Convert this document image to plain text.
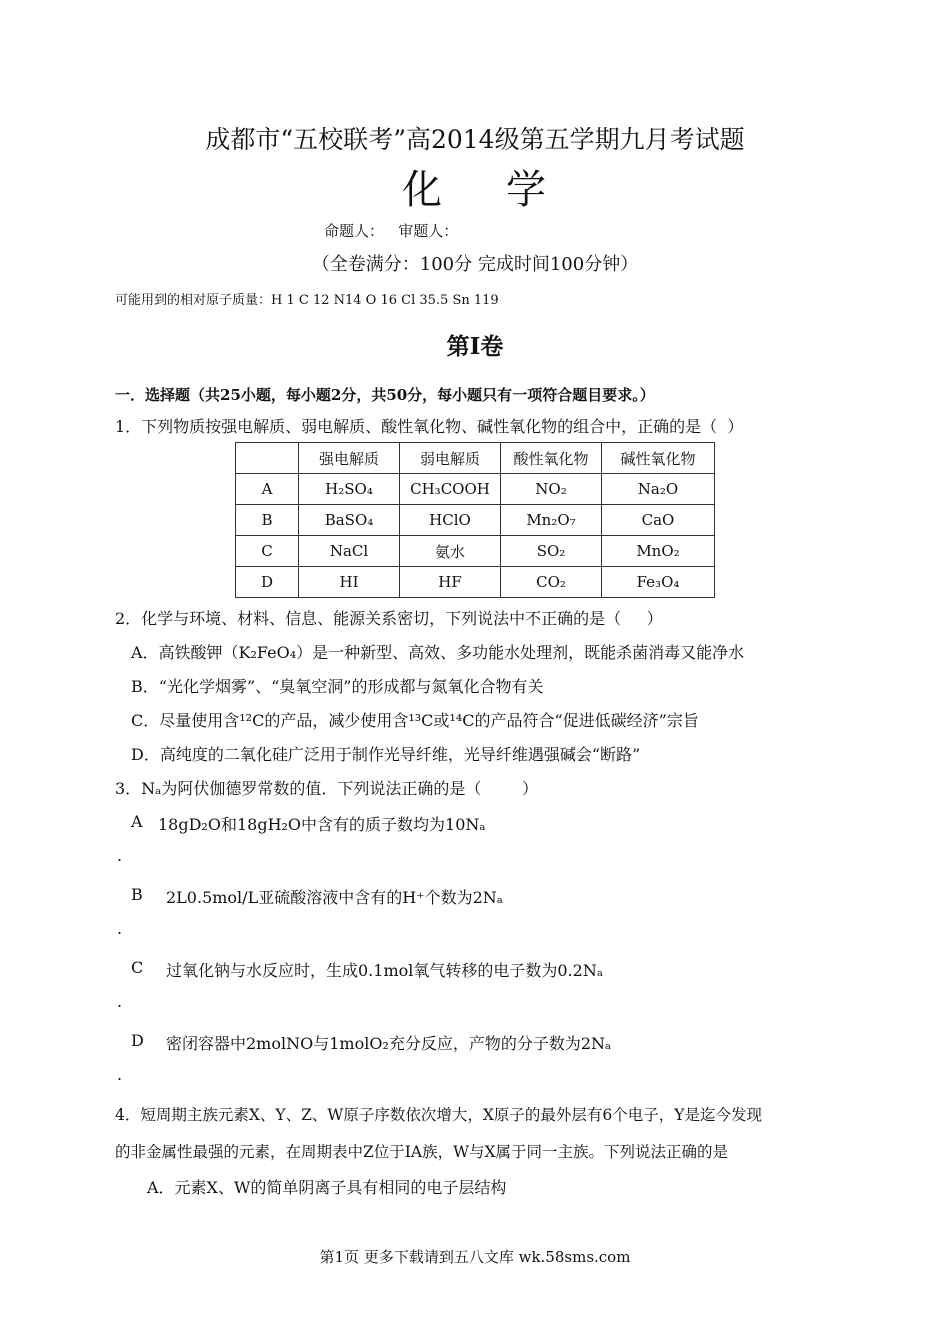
成都市“五校联考”高2014级第五学期九月考试题
化 学
命题人：   审题人：
（全卷满分：100分 完成时间100分钟）
可能用到的相对原子质量：H 1 C 12 N14 O 16 Cl 35.5 Sn 119
第I卷
一．选择题（共25小题，每小题2分，共50分，每小题只有一项符合题目要求。）
1．下列物质按强电解质、弱电解质、酸性氧化物、碱性氧化物的组合中，正确的是（  ）
	强电解质	弱电解质	酸性氧化物	碱性氧化物
A	H₂SO₄	CH₃COOH	NO₂	Na₂O
B	BaSO₄	HClO	Mn₂O₇	CaO
C	NaCl	氨水	SO₂	MnO₂
D	HI	HF	CO₂	Fe₃O₄
2．化学与环境、材料、信息、能源关系密切，下列说法中不正确的是（     ）
A．高铁酸钾（K₂FeO₄）是一种新型、高效、多功能水处理剂，既能杀菌消毒又能净水
B．“光化学烟雾”、“臭氧空洞”的形成都与氮氧化合物有关
C．尽量使用含¹²C的产品，减少使用含¹³C或¹⁴C的产品符合“促进低碳经济”宗旨
D．高纯度的二氧化硅广泛用于制作光导纤维，光导纤维遇强碱会“断路”
3．Nₐ为阿伏伽德罗常数的值．下列说法正确的是（        ）
A 18gD₂O和18gH₂O中含有的质子数均为10Nₐ
.
B 2L0.5mol/L亚硫酸溶液中含有的H⁺个数为2Nₐ
.
C 过氧化钠与水反应时，生成0.1mol氧气转移的电子数为0.2Nₐ
.
D 密闭容器中2molNO与1molO₂充分反应，产物的分子数为2Nₐ
.
4．短周期主族元素X、Y、Z、W原子序数依次增大，X原子的最外层有6个电子，Y是迄今发现
的非金属性最强的元素，在周期表中Z位于ⅠA族，W与X属于同一主族。下列说法正确的是
A．元素X、W的简单阴离子具有相同的电子层结构
第1页 更多下载请到五八文库 wk.58sms.com
